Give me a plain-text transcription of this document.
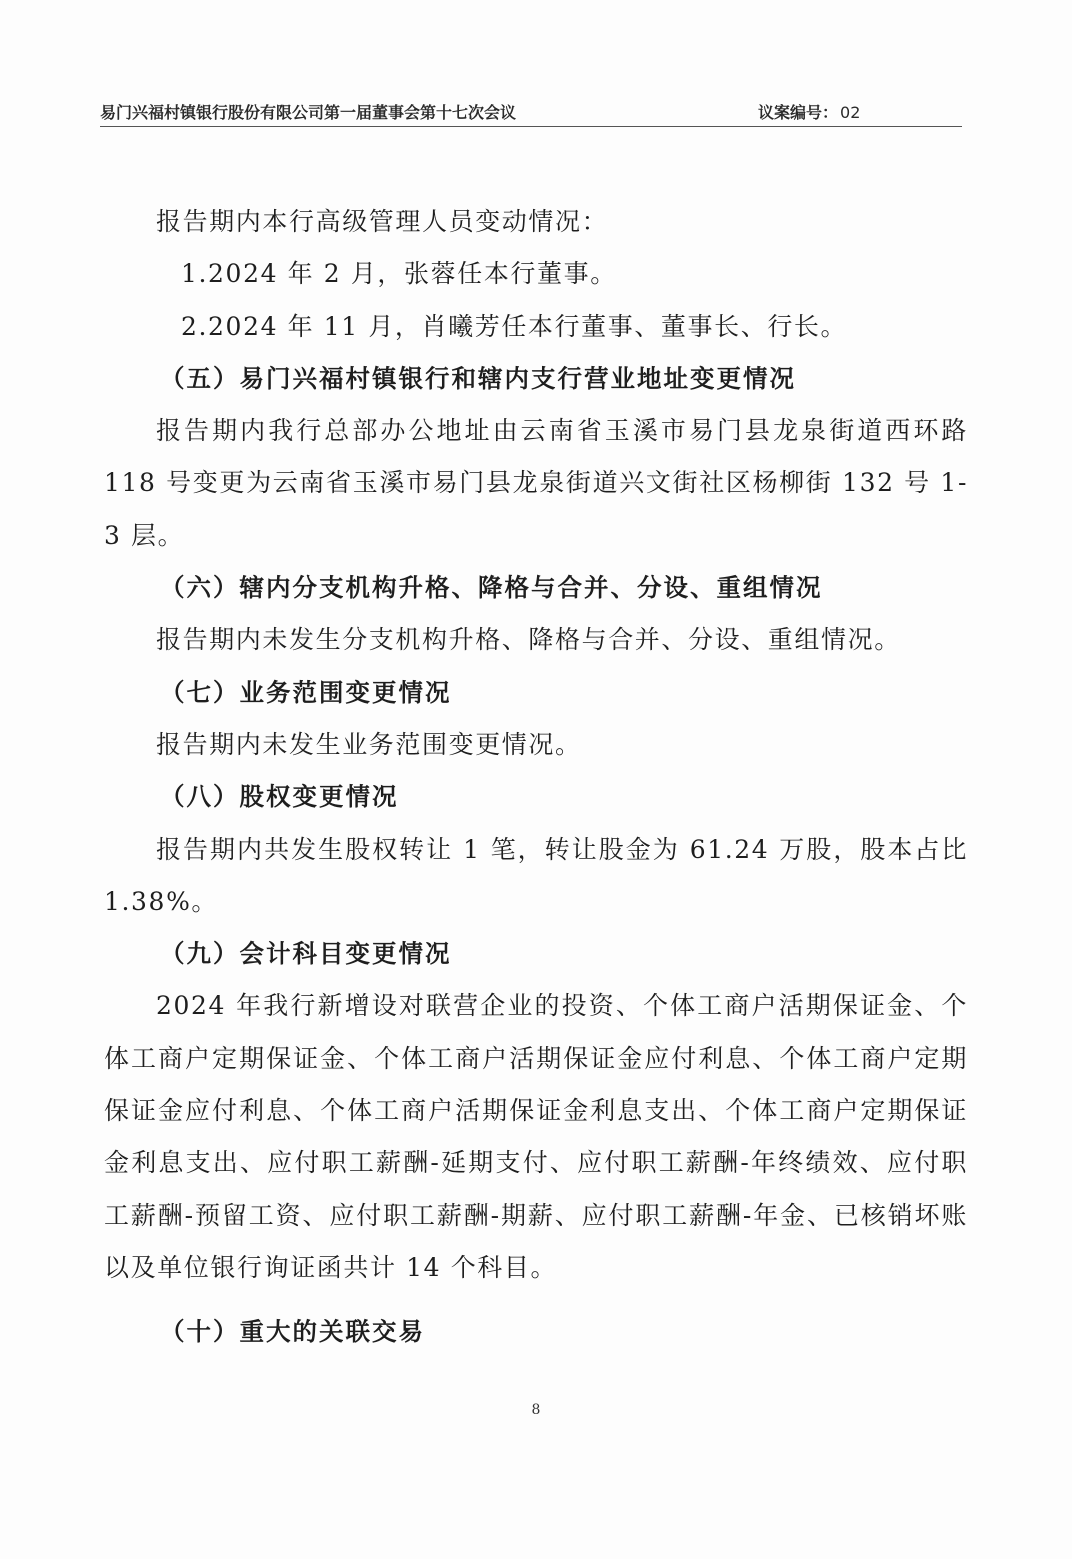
易门兴福村镇银行股份有限公司第一届董事会第十七次会议	议案编号： 02

报告期内本行高级管理人员变动情况：

1.2024 年 2 月，张蓉任本行董事。

2.2024 年 11 月，肖曦芳任本行董事、董事长、行长。

（五）易门兴福村镇银行和辖内支行营业地址变更情况

报告期内我行总部办公地址由云南省玉溪市易门县龙泉街道西环路 118 号变更为云南省玉溪市易门县龙泉街道兴文街社区杨柳街 132 号 1-3 层。

（六）辖内分支机构升格、降格与合并、分设、重组情况

报告期内未发生分支机构升格、降格与合并、分设、重组情况。

（七）业务范围变更情况

报告期内未发生业务范围变更情况。

（八）股权变更情况

报告期内共发生股权转让 1 笔，转让股金为 61.24 万股，股本占比 1.38%。

（九）会计科目变更情况

2024 年我行新增设对联营企业的投资、个体工商户活期保证金、个体工商户定期保证金、个体工商户活期保证金应付利息、个体工商户定期保证金应付利息、个体工商户活期保证金利息支出、个体工商户定期保证金利息支出、应付职工薪酬-延期支付、应付职工薪酬-年终绩效、应付职工薪酬-预留工资、应付职工薪酬-期薪、应付职工薪酬-年金、已核销坏账以及单位银行询证函共计 14 个科目。

（十）重大的关联交易

8
